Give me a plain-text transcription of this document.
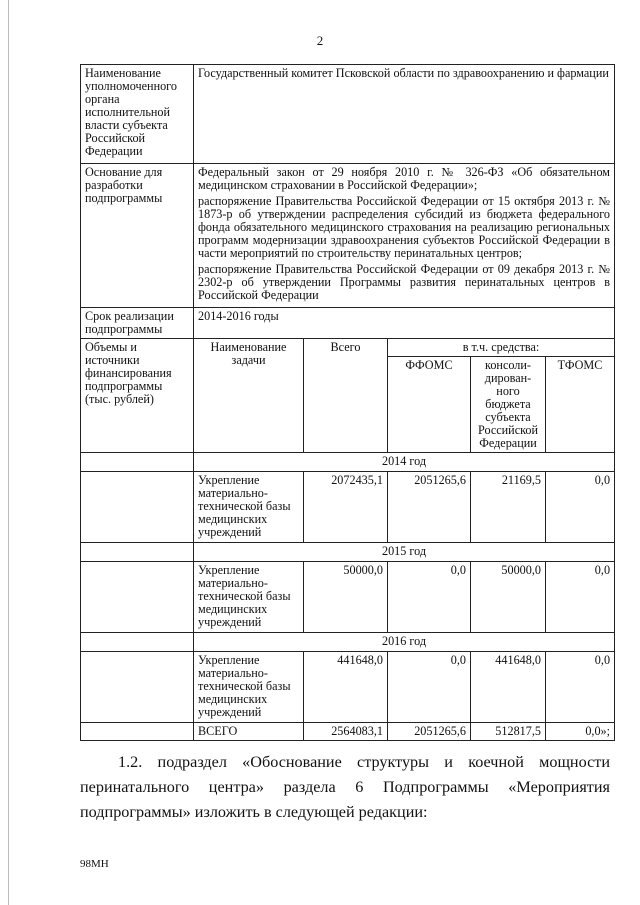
2
Наименование уполномоченного органа исполнительной власти субъекта Российской Федерации	Государственный комитет Псковской области по здравоохранению и фармации				
Основание для разработки подпрограммы	Федеральный закон от 29 ноября 2010 г. № 326-ФЗ «Об обязательном медицинском страховании в Российской Федерации»;
распоряжение Правительства Российской Федерации от 15 октября 2013 г. № 1873-р об утверждении распределения субсидий из бюджета федерального фонда обязательного медицинского страхования на реализацию региональных программ модернизации здравоохранения субъектов Российской Федерации в части мероприятий по строительству перинатальных центров;
распоряжение Правительства Российской Федерации от 09 декабря 2013 г. № 2302-р об утверждении Программы развития перинатальных центров в Российской Федерации				

Срок реализации подпрограммы	2014-2016 годы				
Объемы и источники финансирования подпрограммы (тыс. рублей)	Наименование задачи	Всего	в т.ч. средства:		
			ФФОМС	консоли-дирован-ного бюджета субъекта Российской Федерации	ТФОМС
	2014 год				
	Укрепление материально-технической базы медицинских учреждений	2072435,1	2051265,6	21169,5	0,0
	2015 год				
	Укрепление материально-технической базы медицинских учреждений	50000,0	0,0	50000,0	0,0
	2016 год				
	Укрепление материально-технической базы медицинских учреждений	441648,0	0,0	441648,0	0,0
	ВСЕГО	2564083,1	2051265,6	512817,5	0,0»;
1.2. подраздел «Обоснование структуры и коечной мощности
перинатального центра» раздела 6 Подпрограммы «Мероприятия
подпрограммы» изложить в следующей редакции:
98МН
